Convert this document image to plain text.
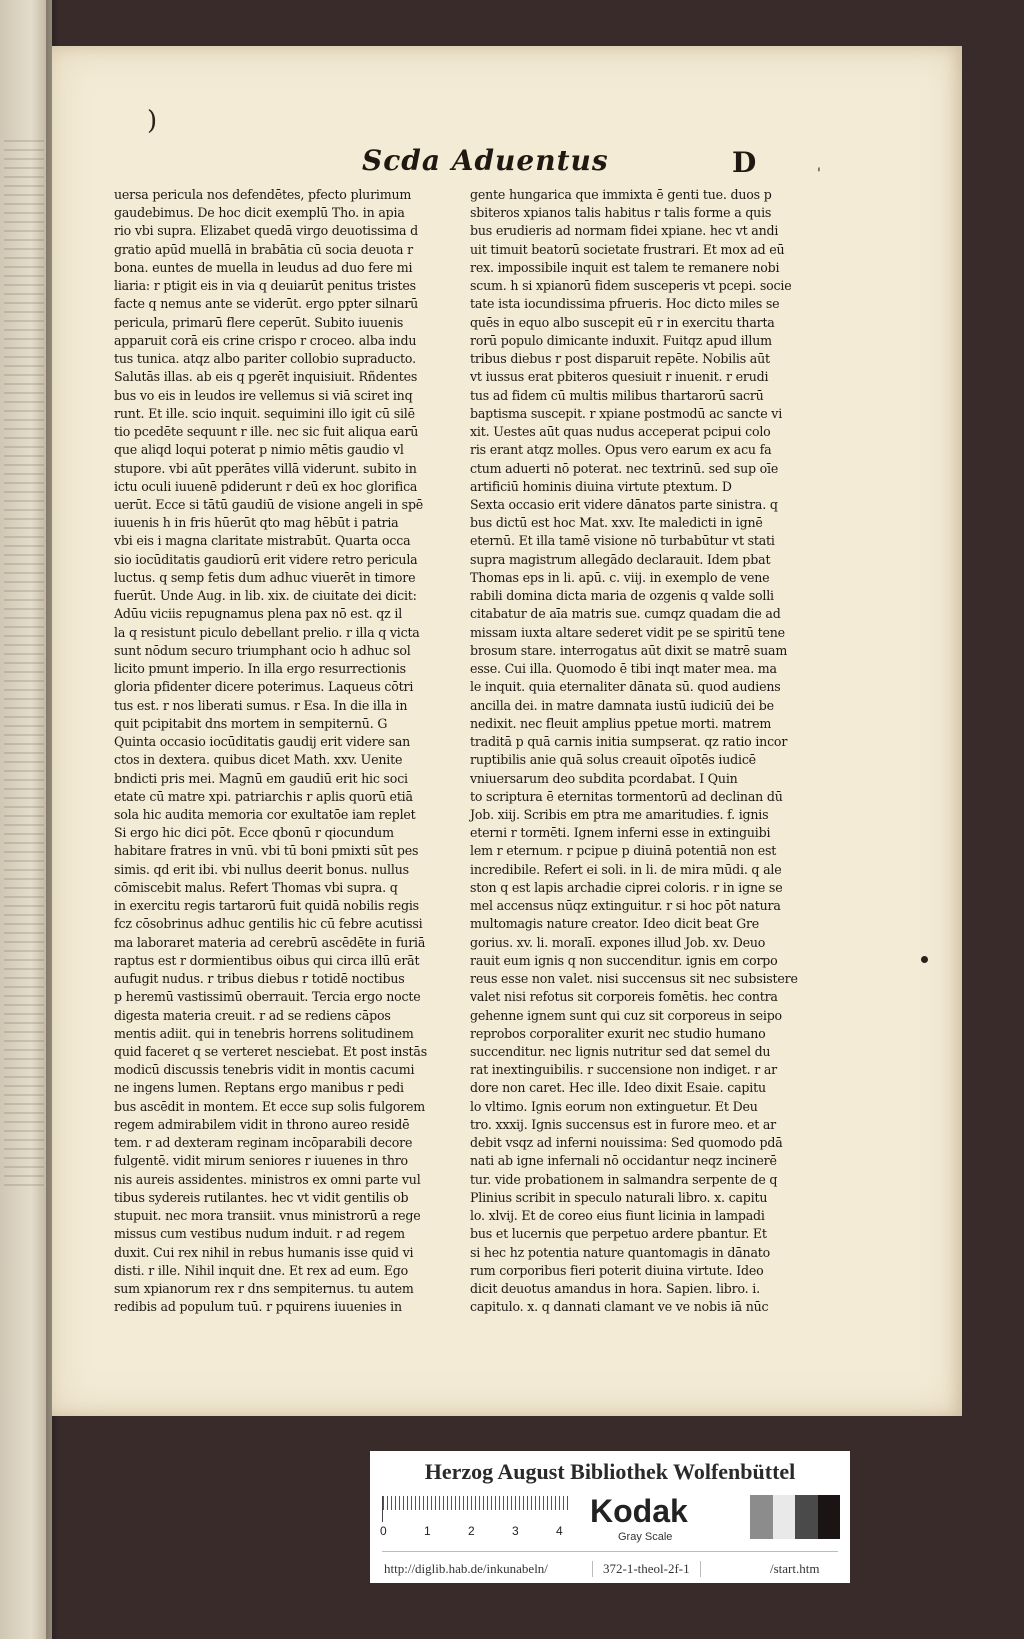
)
Scda Aduentus	D	'
uersa pericula nos defendētes, pfecto plurimum
gaudebimus. De hoc dicit exemplū Tho. in apia
rio vbi supra. Elizabet quedā virgo deuotissima d
gratio apūd muellā in brabātia cū socia deuota r
bona. euntes de muella in leudus ad duo fere mi
liaria: r ptigit eis in via q deuiarūt penitus tristes
facte q nemus ante se viderūt. ergo ppter silnarū
pericula, primarū flere ceperūt. Subito iuuenis
apparuit corā eis crine crispo r croceo. alba indu
tus tunica. atqz albo pariter collobio supraducto.
Salutās illas. ab eis q pgerēt inquisiuit. Rñdentes
bus vo eis in leudos ire vellemus si viā sciret inq
runt. Et ille. scio inquit. sequimini illo igit cū silē
tio pcedēte sequunt r ille. nec sic fuit aliqua earū
que aliqd loqui poterat p nimio mētis gaudio vl
stupore. vbi aūt pperātes villā viderunt. subito in
ictu oculi iuuenē pdiderunt r deū ex hoc glorifica
uerūt. Ecce si tātū gaudiū de visione angeli in spē
iuuenis h in fris hūerūt qto mag hēbūt i patria
vbi eis i magna claritate mistrabūt. Quarta occa
sio iocūditatis gaudiorū erit videre retro pericula
luctus. q semp fetis dum adhuc viuerēt in timore
fuerūt. Unde Aug. in lib. xix. de ciuitate dei dicit:
Adūu viciis repugnamus plena pax nō est. qz il
la q resistunt piculo debellant prelio. r illa q victa
sunt nōdum securo triumphant ocio h adhuc sol
licito pmunt imperio. In illa ergo resurrectionis
gloria pfidenter dicere poterimus. Laqueus cōtri
tus est. r nos liberati sumus. r Esa. In die illa in
quit pcipitabit dns mortem in sempiternū. G
Quinta occasio iocūditatis gaudij erit videre san
ctos in dextera. quibus dicet Math. xxv. Uenite
bndicti pris mei. Magnū em gaudiū erit hic soci
etate cū matre xpi. patriarchis r aplis quorū etiā
sola hic audita memoria cor exultatōe iam replet
Si ergo hic dici pōt. Ecce qbonū r qiocundum
habitare fratres in vnū. vbi tū boni pmixti sūt pes
simis. qd erit ibi. vbi nullus deerit bonus. nullus
cōmiscebit malus. Refert Thomas vbi supra. q
in exercitu regis tartarorū fuit quidā nobilis regis
fcz cōsobrinus adhuc gentilis hic cū febre acutissi
ma laboraret materia ad cerebrū ascēdēte in furiā
raptus est r dormientibus oibus qui circa illū erāt
aufugit nudus. r tribus diebus r totidē noctibus
p heremū vastissimū oberrauit. Tercia ergo nocte
digesta materia creuit. r ad se rediens cāpos
mentis adiit. qui in tenebris horrens solitudinem
quid faceret q se verteret nesciebat. Et post instās
modicū discussis tenebris vidit in montis cacumi
ne ingens lumen. Reptans ergo manibus r pedi
bus ascēdit in montem. Et ecce sup solis fulgorem
regem admirabilem vidit in throno aureo residē
tem. r ad dexteram reginam incōparabili decore
fulgentē. vidit mirum seniores r iuuenes in thro
nis aureis assidentes. ministros ex omni parte vul
tibus sydereis rutilantes. hec vt vidit gentilis ob
stupuit. nec mora transiit. vnus ministrorū a rege
missus cum vestibus nudum induit. r ad regem
duxit. Cui rex nihil in rebus humanis isse quid vi
disti. r ille. Nihil inquit dne. Et rex ad eum. Ego
sum xpianorum rex r dns sempiternus. tu autem
redibis ad populum tuū. r pquirens iuuenies in
gente hungarica que immixta ē genti tue. duos p
sbiteros xpianos talis habitus r talis forme a quis
bus erudieris ad normam fidei xpiane. hec vt andi
uit timuit beatorū societate frustrari. Et mox ad eū
rex. impossibile inquit est talem te remanere nobi
scum. h si xpianorū fidem susceperis vt pcepi. socie
tate ista iocundissima pfrueris. Hoc dicto miles se
quēs in equo albo suscepit eū r in exercitu tharta
rorū populo dimicante induxit. Fuitqz apud illum
tribus diebus r post disparuit repēte. Nobilis aūt
vt iussus erat pbiteros quesiuit r inuenit. r erudi
tus ad fidem cū multis milibus thartarorū sacrū
baptisma suscepit. r xpiane postmodū ac sancte vi
xit. Uestes aūt quas nudus acceperat pcipui colo
ris erant atqz molles. Opus vero earum ex acu fa
ctum aduerti nō poterat. nec textrinū. sed sup oīe
artificiū hominis diuina virtute ptextum. D
Sexta occasio erit videre dānatos parte sinistra. q
bus dictū est hoc Mat. xxv. Ite maledicti in ignē
eternū. Et illa tamē visione nō turbabūtur vt stati
supra magistrum allegādo declarauit. Idem pbat
Thomas eps in li. apū. c. viij. in exemplo de vene
rabili domina dicta maria de ozgenis q valde solli
citabatur de aīa matris sue. cumqz quadam die ad
missam iuxta altare sederet vidit pe se spiritū tene
brosum stare. interrogatus aūt dixit se matrē suam
esse. Cui illa. Quomodo ē tibi inqt mater mea. ma
le inquit. quia eternaliter dānata sū. quod audiens
ancilla dei. in matre damnata iustū iudiciū dei be
nedixit. nec fleuit amplius ppetue morti. matrem
traditā p quā carnis initia sumpserat. qz ratio incor
ruptibilis anie quā solus creauit oīpotēs iudicē
vniuersarum deo subdita pcordabat. I Quin
to scriptura ē eternitas tormentorū ad declinan dū
Job. xiij. Scribis em ptra me amaritudies. f. ignis
eterni r tormēti. Ignem inferni esse in extinguibi
lem r eternum. r pcipue p diuinā potentiā non est
incredibile. Refert ei soli. in li. de mira mūdi. q ale
ston q est lapis archadie ciprei coloris. r in igne se
mel accensus nūqz extinguitur. r si hoc pōt natura
multomagis nature creator. Ideo dicit beat Gre
gorius. xv. li. moralī. expones illud Job. xv. Deuo
rauit eum ignis q non succenditur. ignis em corpo
reus esse non valet. nisi succensus sit nec subsistere
valet nisi refotus sit corporeis fomētis. hec contra
gehenne ignem sunt qui cuz sit corporeus in seipo
reprobos corporaliter exurit nec studio humano
succenditur. nec lignis nutritur sed dat semel du
rat inextinguibilis. r succensione non indiget. r ar
dore non caret. Hec ille. Ideo dixit Esaie. capitu
lo vltimo. Ignis eorum non extinguetur. Et Deu
tro. xxxij. Ignis succensus est in furore meo. et ar
debit vsqz ad inferni nouissima: Sed quomodo pdā
nati ab igne infernali nō occidantur neqz incinerē
tur. vide probationem in salmandra serpente de q
Plinius scribit in speculo naturali libro. x. capitu
lo. xlvij. Et de coreo eius fiunt licinia in lampadi
bus et lucernis que perpetuo ardere pbantur. Et
si hec hz potentia nature quantomagis in dānato
rum corporibus fieri poterit diuina virtute. Ideo
dicit deuotus amandus in hora. Sapien. libro. i.
capitulo. x. q dannati clamant ve ve nobis iā nūc
Herzog August Bibliothek Wolfenbüttel
0	1	2	3	4
Kodak
Gray Scale
http://diglib.hab.de/inkunabeln/	372-1-theol-2f-1	/start.htm
